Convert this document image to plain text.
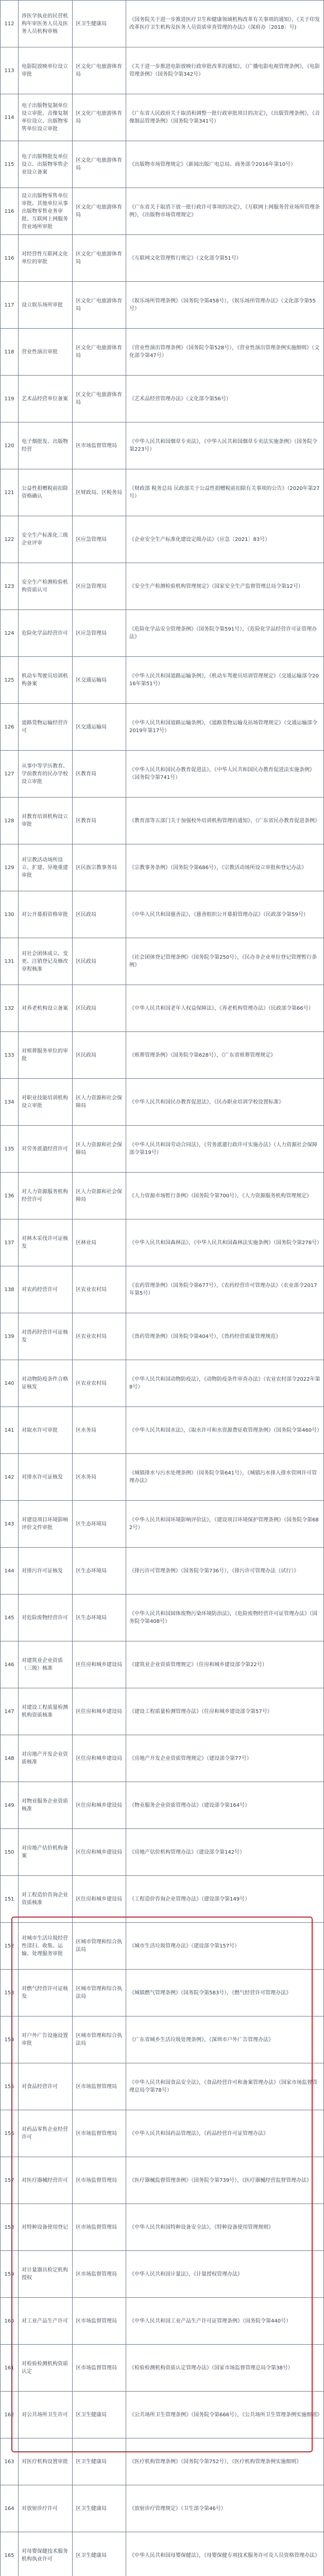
112	涉医学执业的民营机构年审医务人员及医务人员机构审核	区卫生健康局	《国务院关于进一步推进医疗卫生和健康领域机构改革有关事项的通知》，《关于印发改革医疗卫生机构及医务人员资质审查管理的办法》（深府办〔2018〕号)
113	电影院放映单位设立审批	区文化广电旅游体育局	《关于进一步推进电影放映行政审批改革的通知》，《广播电影电视管理条例》，《电影管理条例》（国务院令第342号）
114	电子出版物复制单位设立审批、音像复制单位设立、出版物零售单位设立审批	区文化广电旅游体育局	《广东省人民政府关于取消和调整一批行政审批项目的决定》，《出版管理条例》，《音像制品管理条例》（国务院令第341号）
115	电子出版物批发单位设立、出版物零售企业设立备案	区文化广电旅游体育局	《出版物市场管理规定》（新闻出版广电总局、商务部令2016年第10号）
116	设立出版物零售单位审批、其他单位从事出版物零售业务审批、互联网上网服务营业场所审批	区文化广电旅游体育局	《广东省关于取消下放一批行政许可事项的决定》，《互联网上网服务营业场所管理条例》，《出版物市场管理规定》
116	对经营性互联网文化单位的审批	区文化广电旅游体育局	《互联网文化管理暂行规定》（文化部令第51号）
117	设立娱乐场所审批	区文化广电旅游体育局	《娱乐场所管理条例》（国务院令第458号），《娱乐场所管理办法》（文化部令第55号）
118	营业性演出审批	区文化广电旅游体育局	《营业性演出管理条例》（国务院令第528号），《营业性演出管理条例实施细则》（文化部令第47号）
119	艺术品经营单位备案	区文化广电旅游体育局	《艺术品经营管理办法》（文化部令第56号）
120	电子烟批发、出版物经营	区市场监督管理局	《中华人民共和国烟草专卖法》，《中华人民共和国烟草专卖法实施条例》（国务院令第223号）
121	公益性捐赠税前扣除资格确认	区财政局、区税务局	《财政部 税务总局 民政部关于公益性捐赠税前扣除有关事项的公告》（2020年第27号）
122	安全生产标准化三级企业评审	区应急管理局	《企业安全生产标准化建设定级办法》（应急〔2021〕83号）
123	安全生产检测检验机构资质认可	区应急管理局	《安全生产检测检验机构管理规定》（国家安全生产监督管理总局令第12号）
124	危险化学品经营许可	区应急管理局	《危险化学品安全管理条例》（国务院令第591号），《危险化学品经营许可证管理办法》
125	机动车驾驶员培训机构备案	区交通运输局	《中华人民共和国道路运输条例》，《机动车驾驶员培训管理规定》（交通运输部令2016年第51号）
126	道路货物运输经营许可	区交通运输局	《中华人民共和国道路运输条例》，《道路货物运输及站场管理规定》（交通运输部令2019年第17号）
127	从事中等学历教育、学前教育的民办学校设立审批	区教育局	《中华人民共和国民办教育促进法》，《中华人民共和国民办教育促进法实施条例》（国务院令第741号）
128	对教育培训机构设立审批	区教育局	《教育部等五部门关于加强校外培训机构管理的通知》，《广东省民办教育促进条例》
129	对宗教活动场所设立、扩建、异地重建审批	区民族宗教事务局	《宗教事务条例》（国务院令第686号），《宗教活动场所设立审批和登记办法》
130	对公开募捐资格审批	区民政局	《中华人民共和国慈善法》，《慈善组织公开募捐管理办法》（民政部令第59号）
131	对社会团体成立、变更、注销登记及修改章程核准	区民政局	《社会团体登记管理条例》（国务院令第250号），《民办非企业单位登记管理暂行条例》
132	对养老机构设立备案	区民政局	《中华人民共和国老年人权益保障法》，《养老机构管理办法》（民政部令第66号）
133	对殡葬服务单位的审批	区民政局	《殡葬管理条例》（国务院令第628号），《广东省殡葬管理规定》
134	对职业技能培训机构设立审批	区人力资源和社会保障局	《中华人民共和国民办教育促进法》，《民办职业培训学校设置标准》
135	对劳务派遣经营许可	区人力资源和社会保障局	《中华人民共和国劳动合同法》，《劳务派遣行政许可实施办法》（人力资源社会保障部令第19号）
136	对人力资源服务机构经营许可	区人力资源和社会保障局	《人力资源市场暂行条例》（国务院令第700号），《人力资源服务机构管理规定》
137	对林木采伐许可证核发	区林业局	《中华人民共和国森林法》，《中华人民共和国森林法实施条例》（国务院令第278号）
138	对农药经营许可	区农业农村局	《农药管理条例》（国务院令第677号），《农药经营许可管理办法》（农业部令2017年第5号）
139	对兽药经营许可证核发	区农业农村局	《兽药管理条例》（国务院令第404号），《兽药经营质量管理规范》
140	对动物防疫条件合格证核发	区农业农村局	《中华人民共和国动物防疫法》，《动物防疫条件审查办法》（农业农村部令2022年第8号）
141	对取水许可审批	区水务局	《中华人民共和国水法》，《取水许可和水资源费征收管理条例》（国务院令第460号）
142	对排水许可证核发	区水务局	《城镇排水与污水处理条例》（国务院令第641号），《城镇污水排入排水管网许可管理办法》
143	对建设项目环境影响评价文件审批	区生态环境局	《中华人民共和国环境影响评价法》，《建设项目环境保护管理条例》（国务院令第682号）
144	对排污许可证核发	区生态环境局	《排污许可管理条例》（国务院令第736号），《排污许可管理办法（试行）》
145	对危险废物经营许可	区生态环境局	《中华人民共和国固体废物污染环境防治法》，《危险废物经营许可证管理办法》（国务院令第408号）
146	对建筑业企业资质（三级）核准	区住房和城乡建设局	《建筑业企业资质管理规定》（住房和城乡建设部令第22号）
147	对建设工程质量检测机构资质核准	区住房和城乡建设局	《建设工程质量检测管理办法》（住房和城乡建设部令第57号）
148	对房地产开发企业资质核准	区住房和城乡建设局	《房地产开发企业资质管理规定》（建设部令第77号）
149	对物业服务企业资质核准	区住房和城乡建设局	《物业服务企业资质管理办法》（建设部令第164号）
150	对房地产估价机构备案	区住房和城乡建设局	《房地产估价机构管理办法》（建设部令第142号）
151	对工程造价咨询企业资质核准	区住房和城乡建设局	《工程造价咨询企业管理办法》（建设部令第149号）
152	对城市生活垃圾经营性清扫、收集、运输、处理服务审批	区城市管理和综合执法局	《城市生活垃圾管理办法》（建设部令第157号）
153	对燃气经营许可证核发	区城市管理和综合执法局	《城镇燃气管理条例》（国务院令第583号），《燃气经营许可管理办法》
154	对户外广告设施设置审批	区城市管理和综合执法局	《广东省城乡生活垃圾处理条例》，《深圳市户外广告管理办法》
155	对食品经营许可	区市场监督管理局	《中华人民共和国食品安全法》，《食品经营许可和备案管理办法》（国家市场监督管理总局令第78号）
156	对药品零售企业经营许可	区市场监督管理局	《中华人民共和国药品管理法》，《药品经营许可证管理办法》
157	对医疗器械经营许可	区市场监督管理局	《医疗器械监督管理条例》（国务院令第739号），《医疗器械经营监督管理办法》
158	对特种设备使用登记	区市场监督管理局	《中华人民共和国特种设备安全法》，《特种设备使用管理规则》
159	对计量器具检定机构授权	区市场监督管理局	《中华人民共和国计量法》，《计量授权管理办法》
160	对工业产品生产许可	区市场监督管理局	《中华人民共和国工业产品生产许可证管理条例》（国务院令第440号）
161	对检验检测机构资质认定	区市场监督管理局	《检验检测机构资质认定管理办法》（国家市场监督管理总局令第38号）
162	对公共场所卫生许可	区卫生健康局	《公共场所卫生管理条例》（国务院令第666号），《公共场所卫生管理条例实施细则》
163	对医疗机构设置审批	区卫生健康局	《医疗机构管理条例》（国务院令第752号），《医疗机构管理条例实施细则》
164	对放射诊疗许可	区卫生健康局	《放射诊疗管理规定》（卫生部令第46号）
165	对母婴保健技术服务机构执业许可	区卫生健康局	《中华人民共和国母婴保健法》，《母婴保健专项技术服务许可及人员资格管理办法》
